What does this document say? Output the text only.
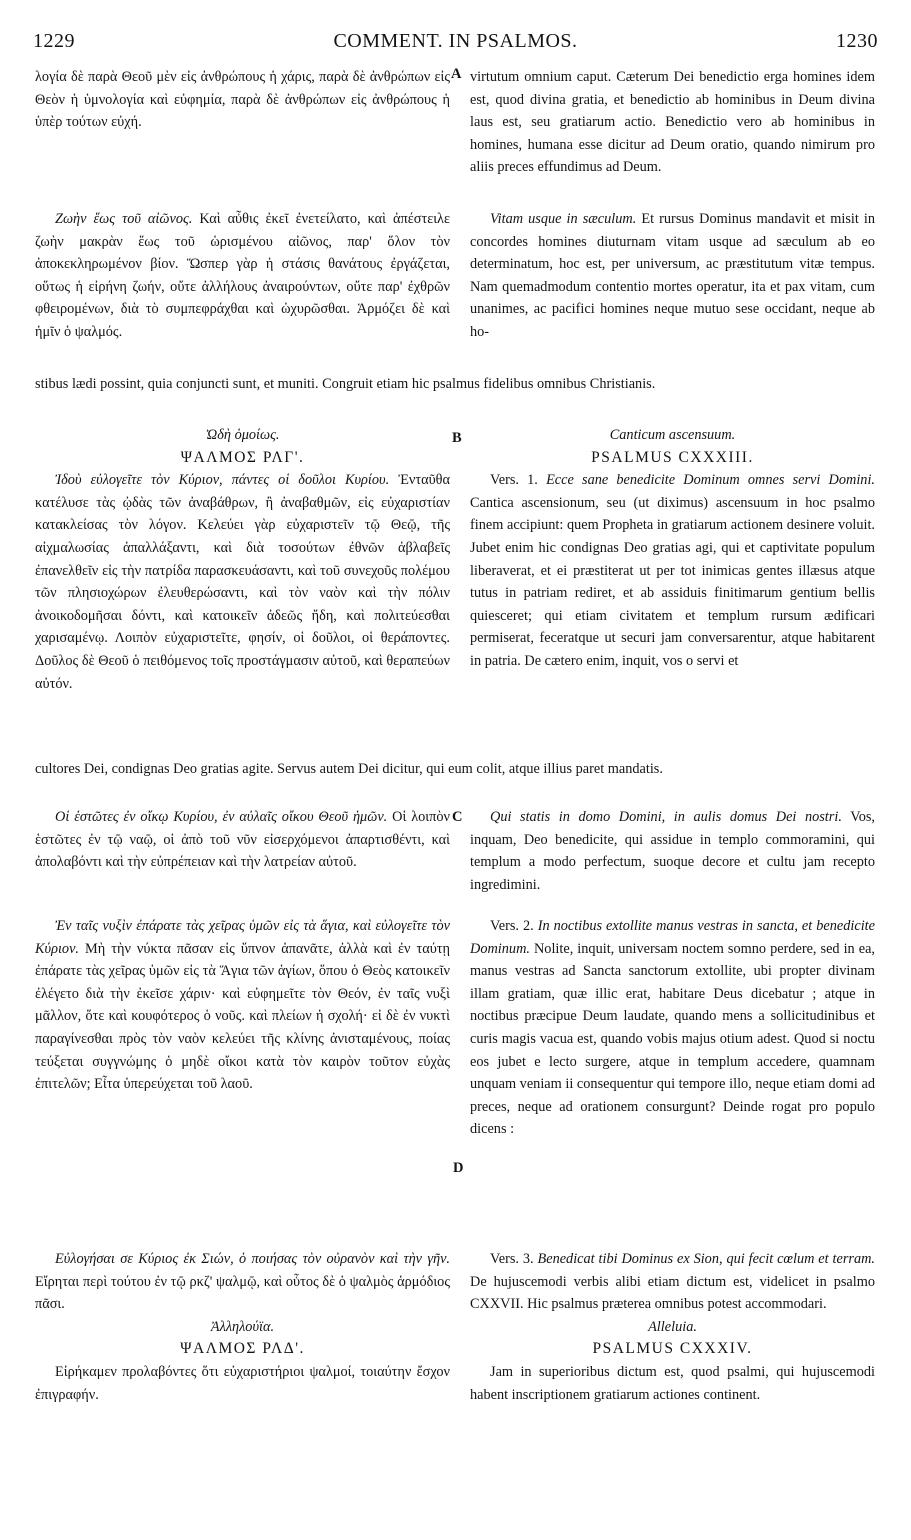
1229	COMMENT. IN PSALMOS.	1230
A
B
C
D

λογία δὲ παρὰ Θεοῦ μὲν εἰς ἀνθρώπους ἡ χάρις, παρὰ δὲ ἀνθρώπων εἰς Θεὸν ἡ ὑμνολογία καὶ εὐφημία, παρὰ δὲ ἀνθρώπων εἰς ἀνθρώπους ἡ ὑπὲρ τούτων εὐχή.

virtutum omnium caput. Cæterum Dei benedictio erga homines idem est, quod divina gratia, et benedictio ab hominibus in Deum divina laus est, seu gratiarum actio. Benedictio vero ab hominibus in homines, humana esse dicitur ad Deum oratio, quando nimirum pro aliis preces effundimus ad Deum.

Ζωὴν ἕως τοῦ αἰῶνος. Καὶ αὖθις ἐκεῖ ἐνετείλατο, καὶ ἀπέστειλε ζωὴν μακρὰν ἕως τοῦ ὡρισμένου αἰῶνος, παρ' ὅλον τὸν ἀποκεκληρωμένον βίον. Ὥσπερ γὰρ ἡ στάσις θανάτους ἐργάζεται, οὕτως ἡ εἰρήνη ζωήν, οὔτε ἀλλήλους ἀναιρούντων, οὔτε παρ' ἐχθρῶν φθειρομένων, διὰ τὸ συμπεφράχθαι καὶ ὠχυρῶσθαι. Ἁρμόζει δὲ καὶ ἡμῖν ὁ ψαλμός.

Vitam usque in sæculum. Et rursus Dominus mandavit et misit in concordes homines diuturnam vitam usque ad sæculum ab eo determinatum, hoc est, per universum, ac præstitutum vitæ tempus. Nam quemadmodum contentio mortes operatur, ita et pax vitam, cum unanimes, ac pacifici homines neque mutuo sese occidant, neque ab ho-

stibus lædi possint, quia conjuncti sunt, et muniti. Congruit etiam hic psalmus fidelibus omnibus Christianis.

Ὠδὴ ὁμοίως.

ΨΑΛΜΟΣ ΡΛΓ'.

Ἰδοὺ εὐλογεῖτε τὸν Κύριον, πάντες οἱ δοῦλοι Κυρίου. Ἐνταῦθα κατέλυσε τὰς ᾠδὰς τῶν ἀναβάθρων, ἢ ἀναβαθμῶν, εἰς εὐχαριστίαν κατακλείσας τὸν λόγον. Κελεύει γὰρ εὐχαριστεῖν τῷ Θεῷ, τῆς αἰχμαλωσίας ἀπαλλάξαντι, καὶ διὰ τοσούτων ἐθνῶν ἀβλαβεῖς ἐπανελθεῖν εἰς τὴν πατρίδα παρασκευάσαντι, καὶ τοῦ συνεχοῦς πολέμου τῶν πλησιοχώρων ἐλευθερώσαντι, καὶ τὸν ναὸν καὶ τὴν πόλιν ἀνοικοδομῆσαι δόντι, καὶ κατοικεῖν ἀδεῶς ἤδη, καὶ πολιτεύεσθαι χαρισαμένῳ. Λοιπὸν εὐχαριστεῖτε, φησίν, οἱ δοῦλοι, οἱ θεράποντες. Δοῦλος δὲ Θεοῦ ὁ πειθόμενος τοῖς προστάγμασιν αὐτοῦ, καὶ θεραπεύων αὐτόν.

Canticum ascensuum.

PSALMUS CXXXIII.

Vers. 1. Ecce sane benedicite Dominum omnes servi Domini. Cantica ascensionum, seu (ut diximus) ascensuum in hoc psalmo finem accipiunt: quem Propheta in gratiarum actionem desinere voluit. Jubet enim hic condignas Deo gratias agi, qui et captivitate populum liberaverat, et ei præstiterat ut per tot inimicas gentes illæsus atque tutus in patriam rediret, et ab assiduis finitimarum gentium bellis quiesceret; qui etiam civitatem et templum rursum ædificari permiserat, feceratque ut securi jam conversarentur, atque habitarent in patria. De cætero enim, inquit, vos o servi et

cultores Dei, condignas Deo gratias agite. Servus autem Dei dicitur, qui eum colit, atque illius paret mandatis.

Οἱ ἑστῶτες ἐν οἴκῳ Κυρίου, ἐν αὐλαῖς οἴκου Θεοῦ ἡμῶν. Οἱ λοιπὸν ἑστῶτες ἐν τῷ ναῷ, οἱ ἀπὸ τοῦ νῦν εἰσερχόμενοι ἀπαρτισθέντι, καὶ ἀπολαβόντι καὶ τὴν εὐπρέπειαν καὶ τὴν λατρείαν αὐτοῦ.

Qui statis in domo Domini, in aulis domus Dei nostri. Vos, inquam, Deo benedicite, qui assidue in templo commoramini, qui templum a modo perfectum, suoque decore et cultu jam recepto ingredimini.

Ἐν ταῖς νυξὶν ἐπάρατε τὰς χεῖρας ὑμῶν εἰς τὰ ἅγια, καὶ εὐλογεῖτε τὸν Κύριον. Μὴ τὴν νύκτα πᾶσαν εἰς ὕπνον ἀπανᾶτε, ἀλλὰ καὶ ἐν ταύτῃ ἐπάρατε τὰς χεῖρας ὑμῶν εἰς τὰ Ἅγια τῶν ἁγίων, ὅπου ὁ Θεὸς κατοικεῖν ἐλέγετο διὰ τὴν ἐκεῖσε χάριν· καὶ εὐφημεῖτε τὸν Θεόν, ἐν ταῖς νυξὶ μᾶλλον, ὅτε καὶ κουφότερος ὁ νοῦς. καὶ πλείων ἡ σχολή· εἰ δὲ ἐν νυκτὶ παραγίνεσθαι πρὸς τὸν ναὸν κελεύει τῆς κλίνης ἀνισταμένους, ποίας τεύξεται συγγνώμης ὁ μηδὲ οἴκοι κατὰ τὸν καιρὸν τοῦτον εὐχὰς ἐπιτελῶν; Εἶτα ὑπερεύχεται τοῦ λαοῦ.

Vers. 2. In noctibus extollite manus vestras in sancta, et benedicite Dominum. Nolite, inquit, universam noctem somno perdere, sed in ea, manus vestras ad Sancta sanctorum extollite, ubi propter divinam illam gratiam, quæ illic erat, habitare Deus dicebatur ; atque in noctibus præcipue Deum laudate, quando mens a sollicitudinibus et curis magis vacua est, quando vobis majus otium adest. Quod si noctu eos jubet e lecto surgere, atque in templum accedere, quamnam unquam veniam ii consequentur qui tempore illo, neque etiam domi ad preces, neque ad orationem consurgunt? Deinde rogat pro populo dicens :

Εὐλογήσαι σε Κύριος ἐκ Σιών, ὁ ποιήσας τὸν οὐρανὸν καὶ τὴν γῆν. Εἴρηται περὶ τούτου ἐν τῷ ρκζ' ψαλμῷ, καὶ οὗτος δὲ ὁ ψαλμὸς ἁρμόδιος πᾶσι.

Ἀλληλούϊα.

ΨΑΛΜΟΣ ΡΛΔ'.

Εἰρήκαμεν προλαβόντες ὅτι εὐχαριστήριοι ψαλμοί, τοιαύτην ἔσχον ἐπιγραφήν.

Vers. 3. Benedicat tibi Dominus ex Sion, qui fecit cœlum et terram. De hujuscemodi verbis alibi etiam dictum est, videlicet in psalmo CXXVII. Hic psalmus præterea omnibus potest accommodari.

Alleluia.

PSALMUS CXXXIV.

Jam in superioribus dictum est, quod psalmi, qui hujuscemodi habent inscriptionem gratiarum actiones continent.
